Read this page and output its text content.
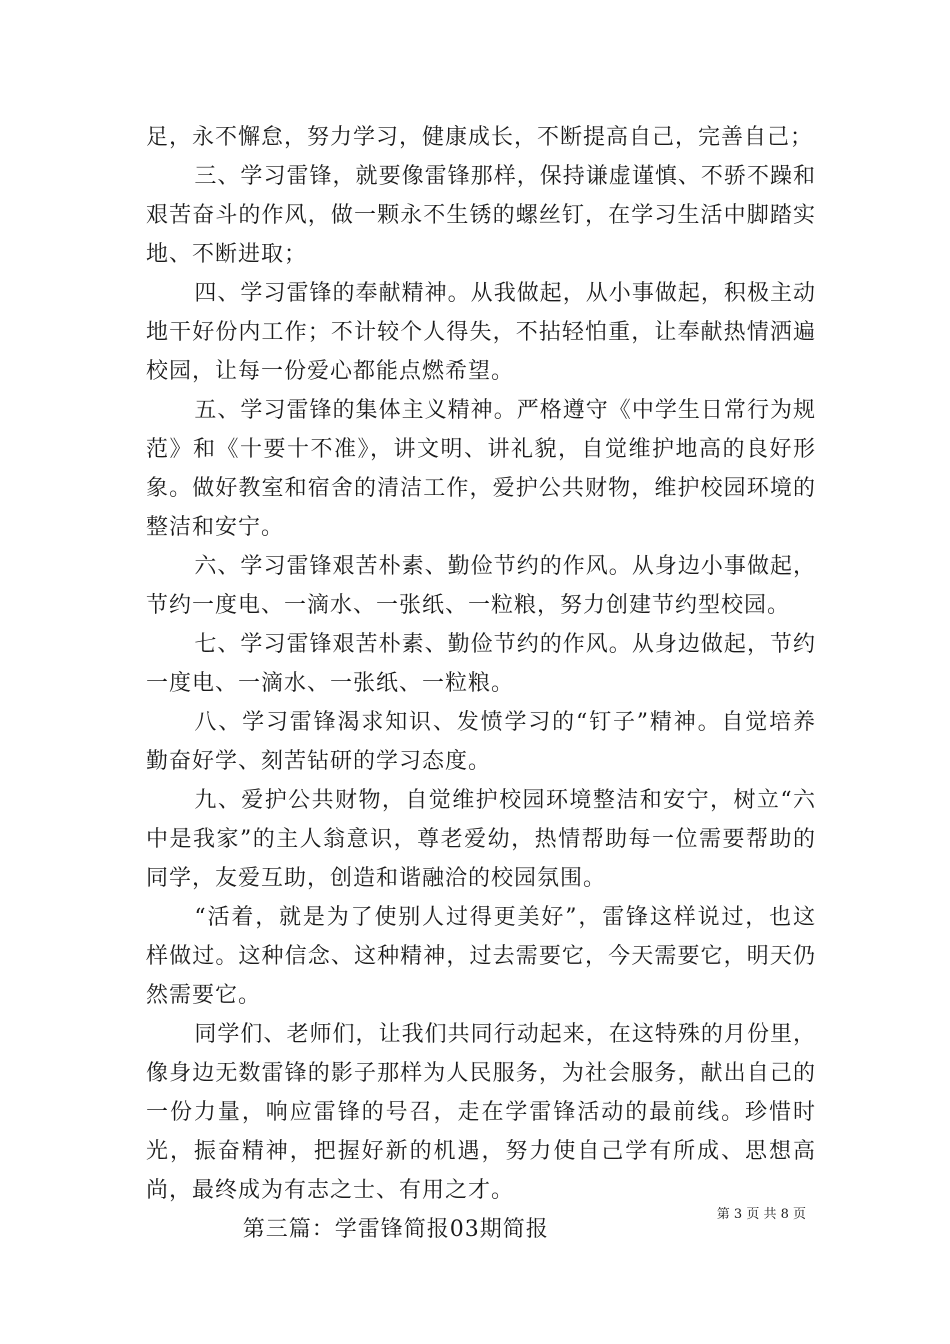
足，永不懈怠，努力学习，健康成长，不断提高自己，完善自己；

三、学习雷锋，就要像雷锋那样，保持谦虚谨慎、不骄不躁和艰苦奋斗的作风，做一颗永不生锈的螺丝钉，在学习生活中脚踏实地、不断进取；

四、学习雷锋的奉献精神。从我做起，从小事做起，积极主动地干好份内工作；不计较个人得失，不拈轻怕重，让奉献热情洒遍校园，让每一份爱心都能点燃希望。

五、学习雷锋的集体主义精神。严格遵守《中学生日常行为规范》和《十要十不准》，讲文明、讲礼貌，自觉维护地高的良好形象。做好教室和宿舍的清洁工作，爱护公共财物，维护校园环境的整洁和安宁。

六、学习雷锋艰苦朴素、勤俭节约的作风。从身边小事做起，节约一度电、一滴水、一张纸、一粒粮，努力创建节约型校园。

七、学习雷锋艰苦朴素、勤俭节约的作风。从身边做起，节约一度电、一滴水、一张纸、一粒粮。

八、学习雷锋渴求知识、发愤学习的“钉子”精神。自觉培养勤奋好学、刻苦钻研的学习态度。

九、爱护公共财物，自觉维护校园环境整洁和安宁，树立“六中是我家”的主人翁意识，尊老爱幼，热情帮助每一位需要帮助的同学，友爱互助，创造和谐融洽的校园氛围。

“活着，就是为了使别人过得更美好”，雷锋这样说过，也这样做过。这种信念、这种精神，过去需要它，今天需要它，明天仍然需要它。

同学们、老师们，让我们共同行动起来，在这特殊的月份里，像身边无数雷锋的影子那样为人民服务，为社会服务，献出自己的一份力量，响应雷锋的号召，走在学雷锋活动的最前线。珍惜时光，振奋精神，把握好新的机遇，努力使自己学有所成、思想高尚，最终成为有志之士、有用之才。

第三篇：学雷锋简报03期简报

第 3 页 共 8 页
